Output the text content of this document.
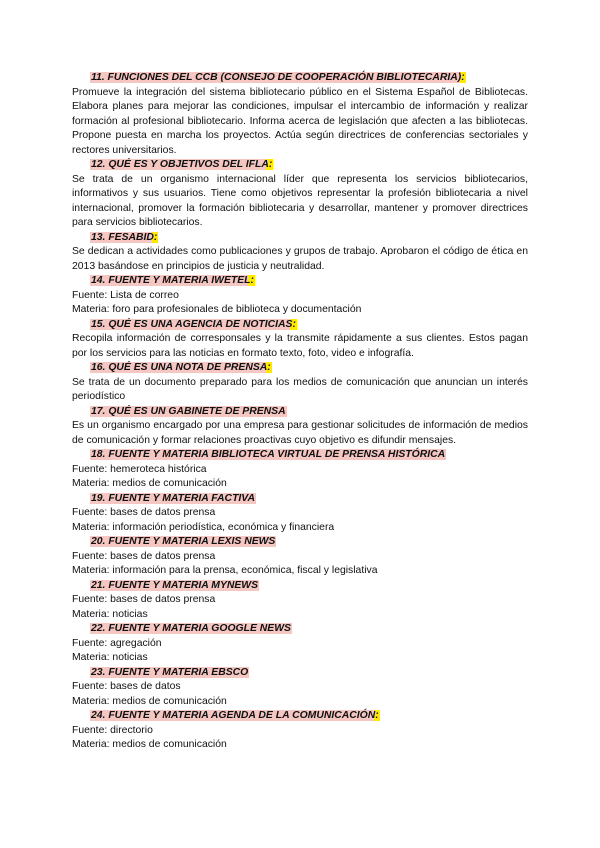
11. FUNCIONES DEL CCB (CONSEJO DE COOPERACIÓN BIBLIOTECARIA):

Promueve la integración del sistema bibliotecario público en el Sistema Español de Bibliotecas. Elabora planes para mejorar las condiciones, impulsar el intercambio de información y realizar formación al profesional bibliotecario. Informa acerca de legislación que afecten a las bibliotecas. Propone puesta en marcha los proyectos. Actúa según directrices de conferencias sectoriales y rectores universitarios.

12. QUÉ ES Y OBJETIVOS DEL IFLA:

Se trata de un organismo internacional líder que representa los servicios bibliotecarios, informativos y sus usuarios. Tiene como objetivos representar la profesión bibliotecaria a nivel internacional, promover la formación bibliotecaria y desarrollar, mantener y promover directrices para servicios bibliotecarios.

13. FESABID:

Se dedican a actividades como publicaciones y grupos de trabajo. Aprobaron el código de ética en 2013 basándose en principios de justicia y neutralidad.

14. FUENTE Y MATERIA IWETEL:

Fuente: Lista de correo

Materia: foro para profesionales de biblioteca y documentación

15. QUÉ ES UNA AGENCIA DE NOTICIAS:

Recopila información de corresponsales y la transmite rápidamente a sus clientes. Estos pagan por los servicios para las noticias en formato texto, foto, video e infografía.

16. QUÉ ES UNA NOTA DE PRENSA:

Se trata de un documento preparado para los medios de comunicación que anuncian un interés periodístico

17. QUÉ ES UN GABINETE DE PRENSA

Es un organismo encargado por una empresa para gestionar solicitudes de información de medios de comunicación y formar relaciones proactivas cuyo objetivo es difundir mensajes.

18. FUENTE Y MATERIA BIBLIOTECA VIRTUAL DE PRENSA HISTÓRICA

Fuente: hemeroteca histórica

Materia: medios de comunicación

19. FUENTE Y MATERIA FACTIVA

Fuente: bases de datos prensa

Materia: información periodística, económica y financiera

20. FUENTE Y MATERIA LEXIS NEWS

Fuente: bases de datos prensa

Materia: información para la prensa, económica, fiscal y legislativa

21. FUENTE Y MATERIA MYNEWS

Fuente: bases de datos prensa

Materia: noticias

22. FUENTE Y MATERIA GOOGLE NEWS

Fuente: agregación

Materia: noticias

23. FUENTE Y MATERIA EBSCO

Fuente: bases de datos

Materia: medios de comunicación

24. FUENTE Y MATERIA AGENDA DE LA COMUNICACIÓN:

Fuente: directorio

Materia: medios de comunicación
